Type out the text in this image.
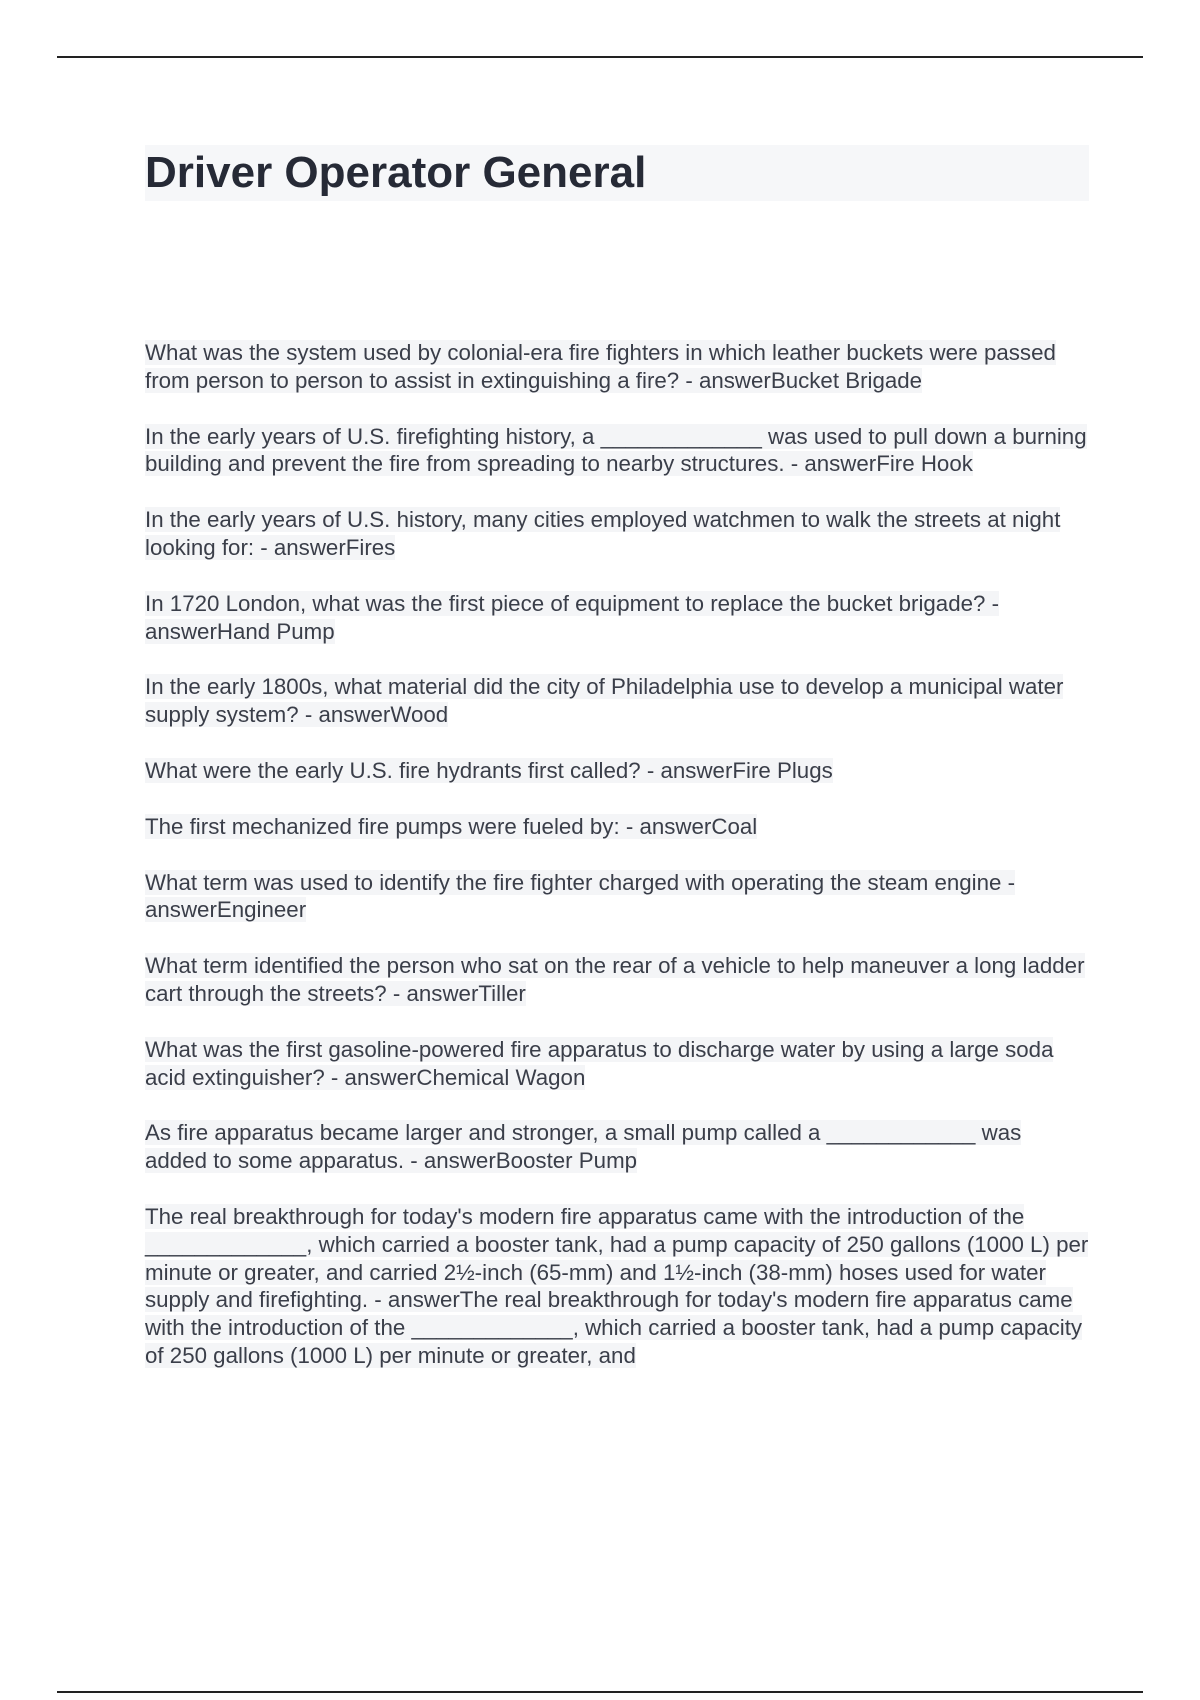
Driver Operator General

What was the system used by colonial-era fire fighters in which leather buckets were passed from person to person to assist in extinguishing a fire? - answerBucket Brigade

In the early years of U.S. firefighting history, a _____________ was used to pull down a burning building and prevent the fire from spreading to nearby structures. - answerFire Hook

In the early years of U.S. history, many cities employed watchmen to walk the streets at night looking for: - answerFires

In 1720 London, what was the first piece of equipment to replace the bucket brigade? - answerHand Pump

In the early 1800s, what material did the city of Philadelphia use to develop a municipal water supply system? - answerWood

What were the early U.S. fire hydrants first called? - answerFire Plugs

The first mechanized fire pumps were fueled by: - answerCoal

What term was used to identify the fire fighter charged with operating the steam engine - answerEngineer

What term identified the person who sat on the rear of a vehicle to help maneuver a long ladder cart through the streets? - answerTiller

What was the first gasoline-powered fire apparatus to discharge water by using a large soda acid extinguisher? - answerChemical Wagon

As fire apparatus became larger and stronger, a small pump called a ____________ was added to some apparatus. - answerBooster Pump

The real breakthrough for today's modern fire apparatus came with the introduction of the _____________, which carried a booster tank, had a pump capacity of 250 gallons (1000 L) per minute or greater, and carried 2½-inch (65-mm) and 1½-inch (38-mm) hoses used for water supply and firefighting. - answerThe real breakthrough for today's modern fire apparatus came with the introduction of the _____________, which carried a booster tank, had a pump capacity of 250 gallons (1000 L) per minute or greater, and
